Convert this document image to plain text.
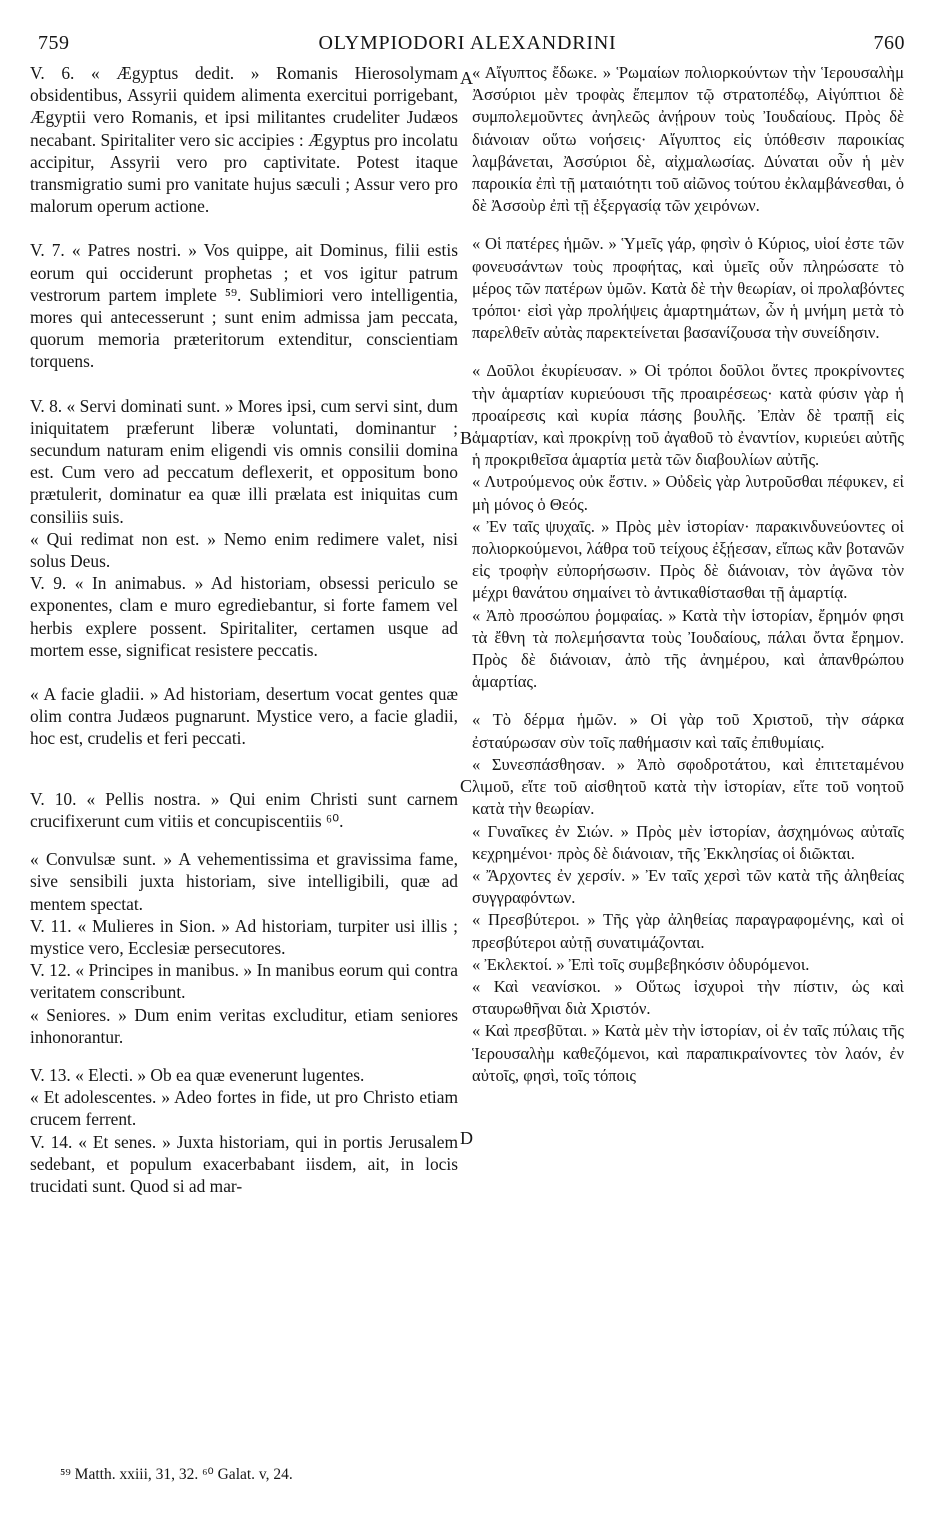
759	OLYMPIODORI ALEXANDRINI	760

V. 6. « Ægyptus dedit. » Romanis Hierosolymam obsidentibus, Assyrii quidem alimenta exercitui porrigebant, Ægyptii vero Romanis, et ipsi militantes crudeliter Judæos necabant. Spiritaliter vero sic accipies : Ægyptus pro incolatu accipitur, Assyrii vero pro captivitate. Potest itaque transmigratio sumi pro vanitate hujus sæculi ; Assur vero pro malorum operum actione.

V. 7. « Patres nostri. » Vos quippe, ait Dominus, filii estis eorum qui occiderunt prophetas ; et vos igitur patrum vestrorum partem implete ⁵⁹. Sublimiori vero intelligentia, mores qui antecesserunt ; sunt enim admissa jam peccata, quorum memoria præteritorum extenditur, conscientiam torquens.

V. 8. « Servi dominati sunt. » Mores ipsi, cum servi sint, dum iniquitatem præferunt liberæ voluntati, dominantur ; secundum naturam enim eligendi vis omnis consilii domina est. Cum vero ad peccatum deflexerit, et oppositum bono prætulerit, dominatur ea quæ illi prælata est iniquitas cum consiliis suis.

« Qui redimat non est. » Nemo enim redimere valet, nisi solus Deus.

V. 9. « In animabus. » Ad historiam, obsessi periculo se exponentes, clam e muro egrediebantur, si forte famem vel herbis explere possent. Spiritaliter, certamen usque ad mortem esse, significat resistere peccatis.

« A facie gladii. » Ad historiam, desertum vocat gentes quæ olim contra Judæos pugnarunt. Mystice vero, a facie gladii, hoc est, crudelis et feri peccati.

V. 10. « Pellis nostra. » Qui enim Christi sunt carnem crucifixerunt cum vitiis et concupiscentiis ⁶⁰.

« Convulsæ sunt. » A vehementissima et gravissima fame, sive sensibili juxta historiam, sive intelligibili, quæ ad mentem spectat.

V. 11. « Mulieres in Sion. » Ad historiam, turpiter usi illis ; mystice vero, Ecclesiæ persecutores.

V. 12. « Principes in manibus. » In manibus eorum qui contra veritatem conscribunt.

« Seniores. » Dum enim veritas excluditur, etiam seniores inhonorantur.

V. 13. « Electi. » Ob ea quæ evenerunt lugentes.

« Et adolescentes. » Adeo fortes in fide, ut pro Christo etiam crucem ferrent.

V. 14. « Et senes. » Juxta historiam, qui in portis Jerusalem sedebant, et populum exacerbabant iisdem, ait, in locis trucidati sunt. Quod si ad mar-

A
B
C
D

« Αἴγυπτος ἔδωκε. » Ῥωμαίων πολιορκούντων τὴν Ἱερουσαλὴμ Ἀσσύριοι μὲν τροφὰς ἔπεμπον τῷ στρατοπέδῳ, Αἰγύπτιοι δὲ συμπολεμοῦντες ἀνηλεῶς ἀνῄρουν τοὺς Ἰουδαίους. Πρὸς δὲ διάνοιαν οὕτω νοήσεις· Αἴγυπτος εἰς ὑπόθεσιν παροικίας λαμβάνεται, Ἀσσύριοι δὲ, αἰχμαλωσίας. Δύναται οὖν ἡ μὲν παροικία ἐπὶ τῇ ματαιότητι τοῦ αἰῶνος τούτου ἐκλαμβάνεσθαι, ὁ δὲ Ἀσσοὺρ ἐπὶ τῇ ἐξεργασίᾳ τῶν χειρόνων.

« Οἱ πατέρες ἡμῶν. » Ὑμεῖς γάρ, φησὶν ὁ Κύριος, υἱοί ἐστε τῶν φονευσάντων τοὺς προφήτας, καὶ ὑμεῖς οὖν πληρώσατε τὸ μέρος τῶν πατέρων ὑμῶν. Κατὰ δὲ τὴν θεωρίαν, οἱ προλαβόντες τρόποι· εἰσὶ γὰρ προλήψεις ἁμαρτημάτων, ὧν ἡ μνήμη μετὰ τὸ παρελθεῖν αὐτὰς παρεκτείνεται βασανίζουσα τὴν συνείδησιν.

« Δοῦλοι ἐκυρίευσαν. » Οἱ τρόποι δοῦλοι ὄντες προκρίνοντες τὴν ἁμαρτίαν κυριεύουσι τῆς προαιρέσεως· κατὰ φύσιν γὰρ ἡ προαίρεσις καὶ κυρία πάσης βουλῆς. Ἐπὰν δὲ τραπῇ εἰς ἁμαρτίαν, καὶ προκρίνῃ τοῦ ἀγαθοῦ τὸ ἐναντίον, κυριεύει αὐτῆς ἡ προκριθεῖσα ἁμαρτία μετὰ τῶν διαβουλίων αὐτῆς.

« Λυτρούμενος οὐκ ἔστιν. » Οὐδεὶς γὰρ λυτροῦσθαι πέφυκεν, εἰ μὴ μόνος ὁ Θεός.

« Ἐν ταῖς ψυχαῖς. » Πρὸς μὲν ἱστορίαν· παρακινδυνεύοντες οἱ πολιορκούμενοι, λάθρα τοῦ τείχους ἐξῄεσαν, εἴπως κἂν βοτανῶν εἰς τροφὴν εὐπορήσωσιν. Πρὸς δὲ διάνοιαν, τὸν ἀγῶνα τὸν μέχρι θανάτου σημαίνει τὸ ἀντικαθίστασθαι τῇ ἁμαρτίᾳ.

« Ἀπὸ προσώπου ῥομφαίας. » Κατὰ τὴν ἱστορίαν, ἔρημόν φησι τὰ ἔθνη τὰ πολεμήσαντα τοὺς Ἰουδαίους, πάλαι ὄντα ἔρημον. Πρὸς δὲ διάνοιαν, ἀπὸ τῆς ἀνημέρου, καὶ ἀπανθρώπου ἁμαρτίας.

« Τὸ δέρμα ἡμῶν. » Οἱ γὰρ τοῦ Χριστοῦ, τὴν σάρκα ἐσταύρωσαν σὺν τοῖς παθήμασιν καὶ ταῖς ἐπιθυμίαις.

« Συνεσπάσθησαν. » Ἀπὸ σφοδροτάτου, καὶ ἐπιτεταμένου λιμοῦ, εἴτε τοῦ αἰσθητοῦ κατὰ τὴν ἱστορίαν, εἴτε τοῦ νοητοῦ κατὰ τὴν θεωρίαν.

« Γυναῖκες ἐν Σιών. » Πρὸς μὲν ἱστορίαν, ἀσχημόνως αὐταῖς κεχρημένοι· πρὸς δὲ διάνοιαν, τῆς Ἐκκλησίας οἱ διῶκται.

« Ἄρχοντες ἐν χερσίν. » Ἐν ταῖς χερσὶ τῶν κατὰ τῆς ἀληθείας συγγραφόντων.

« Πρεσβύτεροι. » Τῆς γὰρ ἀληθείας παραγραφομένης, καὶ οἱ πρεσβύτεροι αὐτῇ συνατιμάζονται.

« Ἐκλεκτοί. » Ἐπὶ τοῖς συμβεβηκόσιν ὀδυρόμενοι.

« Καὶ νεανίσκοι. » Οὕτως ἰσχυροὶ τὴν πίστιν, ὡς καὶ σταυρωθῆναι διὰ Χριστόν.

« Καὶ πρεσβῦται. » Κατὰ μὲν τὴν ἱστορίαν, οἱ ἐν ταῖς πύλαις τῆς Ἱερουσαλὴμ καθεζόμενοι, καὶ παραπικραίνοντες τὸν λαόν, ἐν αὐτοῖς, φησὶ, τοῖς τόποις

⁵⁹ Matth. xxiii, 31, 32. ⁶⁰ Galat. v, 24.
